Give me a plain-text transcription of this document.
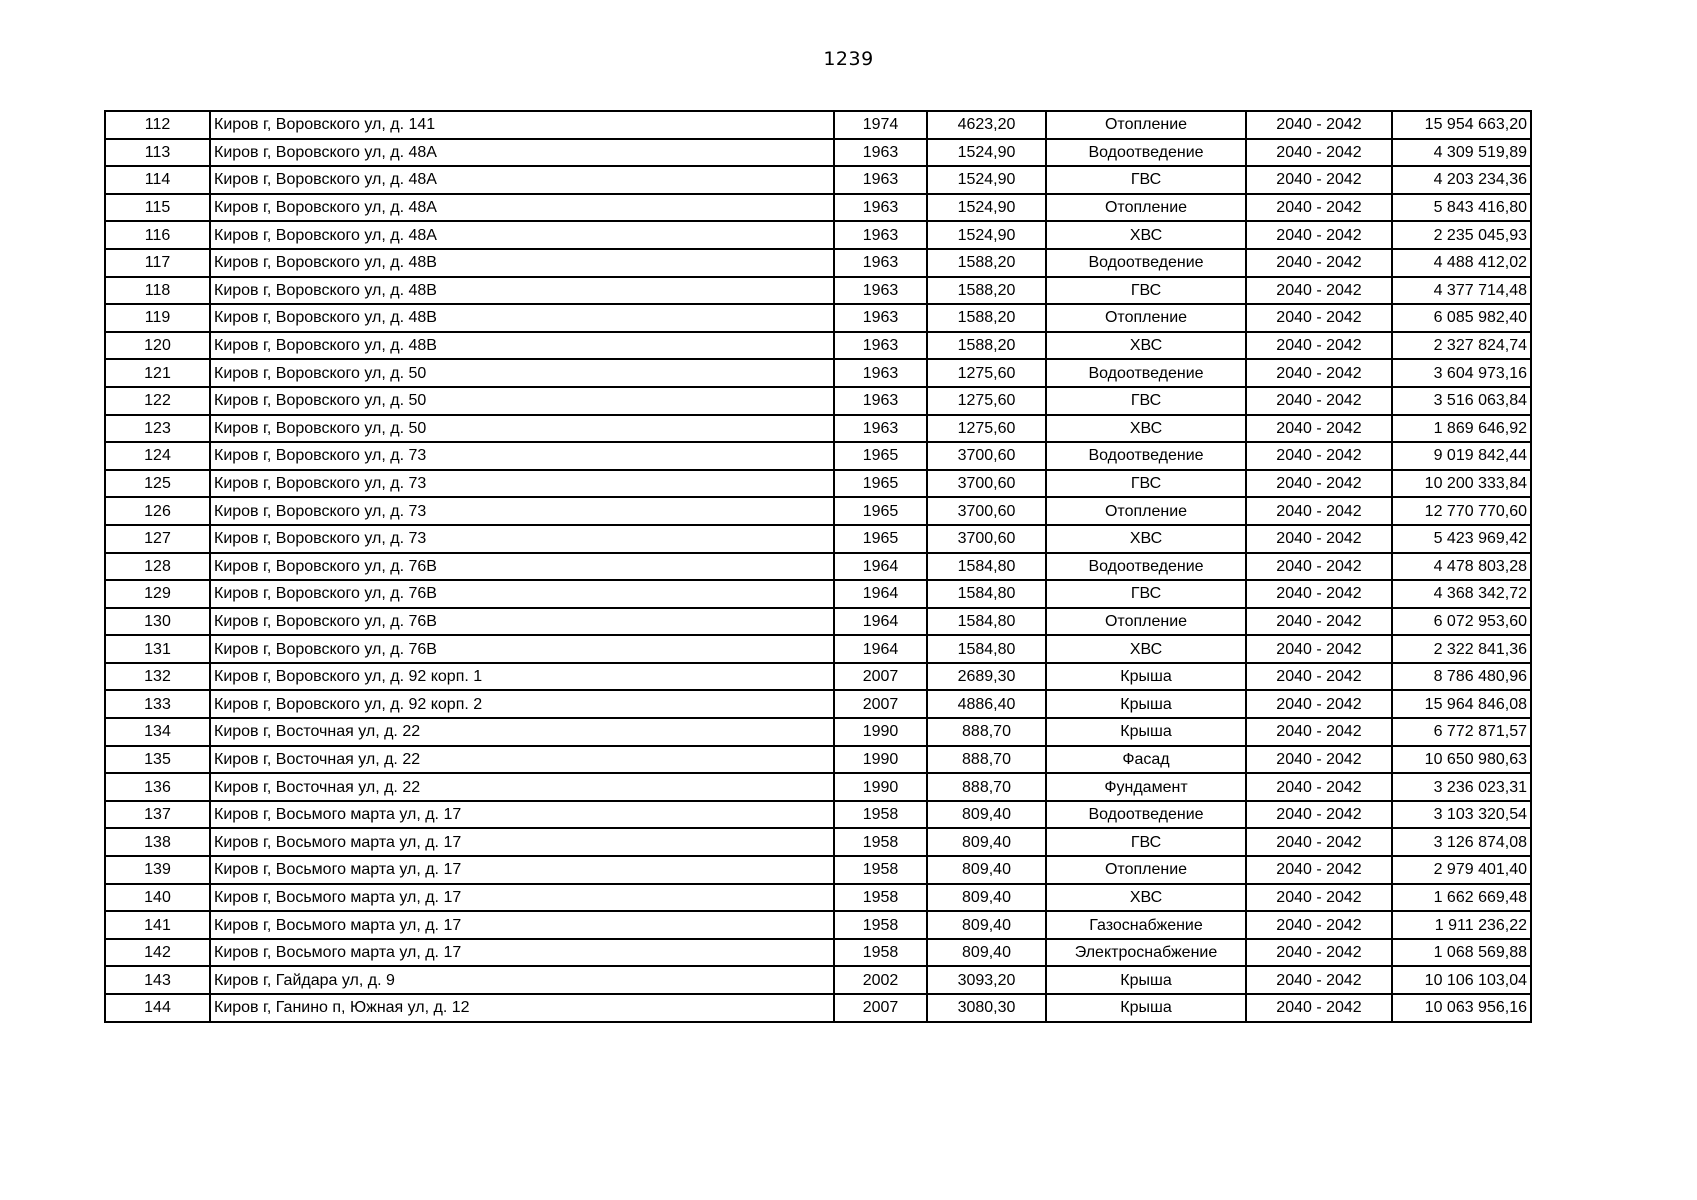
1239
112	Киров г, Воровского ул, д. 141	1974	4623,20	Отопление	2040 - 2042	15 954 663,20
113	Киров г, Воровского ул, д. 48А	1963	1524,90	Водоотведение	2040 - 2042	4 309 519,89
114	Киров г, Воровского ул, д. 48А	1963	1524,90	ГВС	2040 - 2042	4 203 234,36
115	Киров г, Воровского ул, д. 48А	1963	1524,90	Отопление	2040 - 2042	5 843 416,80
116	Киров г, Воровского ул, д. 48А	1963	1524,90	ХВС	2040 - 2042	2 235 045,93
117	Киров г, Воровского ул, д. 48В	1963	1588,20	Водоотведение	2040 - 2042	4 488 412,02
118	Киров г, Воровского ул, д. 48В	1963	1588,20	ГВС	2040 - 2042	4 377 714,48
119	Киров г, Воровского ул, д. 48В	1963	1588,20	Отопление	2040 - 2042	6 085 982,40
120	Киров г, Воровского ул, д. 48В	1963	1588,20	ХВС	2040 - 2042	2 327 824,74
121	Киров г, Воровского ул, д. 50	1963	1275,60	Водоотведение	2040 - 2042	3 604 973,16
122	Киров г, Воровского ул, д. 50	1963	1275,60	ГВС	2040 - 2042	3 516 063,84
123	Киров г, Воровского ул, д. 50	1963	1275,60	ХВС	2040 - 2042	1 869 646,92
124	Киров г, Воровского ул, д. 73	1965	3700,60	Водоотведение	2040 - 2042	9 019 842,44
125	Киров г, Воровского ул, д. 73	1965	3700,60	ГВС	2040 - 2042	10 200 333,84
126	Киров г, Воровского ул, д. 73	1965	3700,60	Отопление	2040 - 2042	12 770 770,60
127	Киров г, Воровского ул, д. 73	1965	3700,60	ХВС	2040 - 2042	5 423 969,42
128	Киров г, Воровского ул, д. 76В	1964	1584,80	Водоотведение	2040 - 2042	4 478 803,28
129	Киров г, Воровского ул, д. 76В	1964	1584,80	ГВС	2040 - 2042	4 368 342,72
130	Киров г, Воровского ул, д. 76В	1964	1584,80	Отопление	2040 - 2042	6 072 953,60
131	Киров г, Воровского ул, д. 76В	1964	1584,80	ХВС	2040 - 2042	2 322 841,36
132	Киров г, Воровского ул, д. 92 корп. 1	2007	2689,30	Крыша	2040 - 2042	8 786 480,96
133	Киров г, Воровского ул, д. 92 корп. 2	2007	4886,40	Крыша	2040 - 2042	15 964 846,08
134	Киров г, Восточная ул, д. 22	1990	888,70	Крыша	2040 - 2042	6 772 871,57
135	Киров г, Восточная ул, д. 22	1990	888,70	Фасад	2040 - 2042	10 650 980,63
136	Киров г, Восточная ул, д. 22	1990	888,70	Фундамент	2040 - 2042	3 236 023,31
137	Киров г, Восьмого марта ул, д. 17	1958	809,40	Водоотведение	2040 - 2042	3 103 320,54
138	Киров г, Восьмого марта ул, д. 17	1958	809,40	ГВС	2040 - 2042	3 126 874,08
139	Киров г, Восьмого марта ул, д. 17	1958	809,40	Отопление	2040 - 2042	2 979 401,40
140	Киров г, Восьмого марта ул, д. 17	1958	809,40	ХВС	2040 - 2042	1 662 669,48
141	Киров г, Восьмого марта ул, д. 17	1958	809,40	Газоснабжение	2040 - 2042	1 911 236,22
142	Киров г, Восьмого марта ул, д. 17	1958	809,40	Электроснабжение	2040 - 2042	1 068 569,88
143	Киров г, Гайдара ул, д. 9	2002	3093,20	Крыша	2040 - 2042	10 106 103,04
144	Киров г, Ганино п, Южная ул, д. 12	2007	3080,30	Крыша	2040 - 2042	10 063 956,16
